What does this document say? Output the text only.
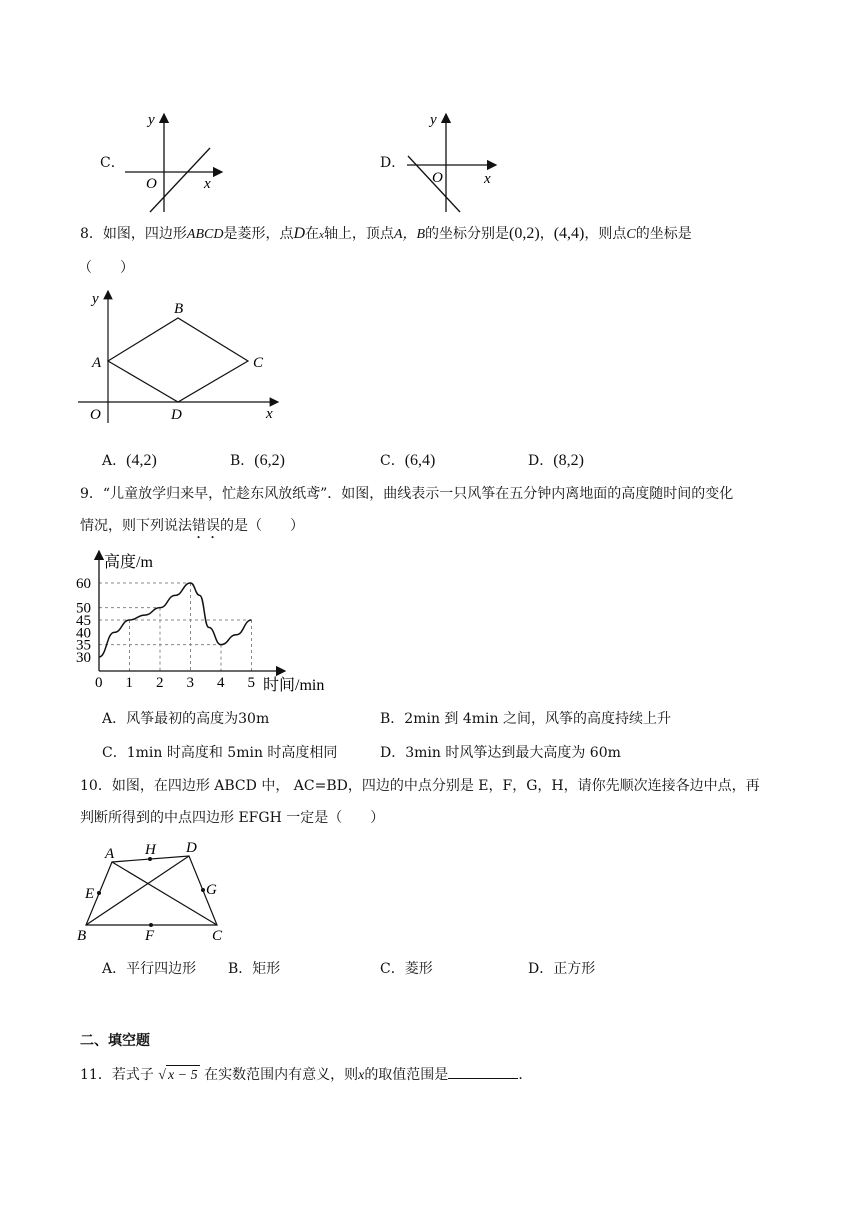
C．
y
x
O
D．
y
x
O
8．如图，四边形ABCD是菱形，点D在x轴上，顶点A，B的坐标分别是(0,2)，(4,4)，则点C的坐标是
（　　）
y
x
O
A
B
C
D
A．(4,2)	B．(6,2)	C．(6,4)	D．(8,2)
9．“儿童放学归来早，忙趁东风放纸鸢”．如图，曲线表示一只风筝在五分钟内离地面的高度随时间的变化
情况，则下列说法错误的是（　　）
0 1 2 3 4 5
30
35
40
45
50
60
高度/m
时间/min
A．风筝最初的高度为30m	B．2min 到 4min 之间，风筝的高度持续上升
C．1min 时高度和 5min 时高度相同	D．3min 时风筝达到最大高度为 60m
10．如图，在四边形 ABCD 中， AC=BD，四边的中点分别是 E，F，G，H，请你先顺次连接各边中点，再
判断所得到的中点四边形 EFGH 一定是（　　）
A	D
H
E	G
B	F	C
A．平行四边形 B．矩形	C．菱形	D．正方形
二、填空题
11．若式子 √ x − 5 在实数范围内有意义，则x的取值范围是	．
